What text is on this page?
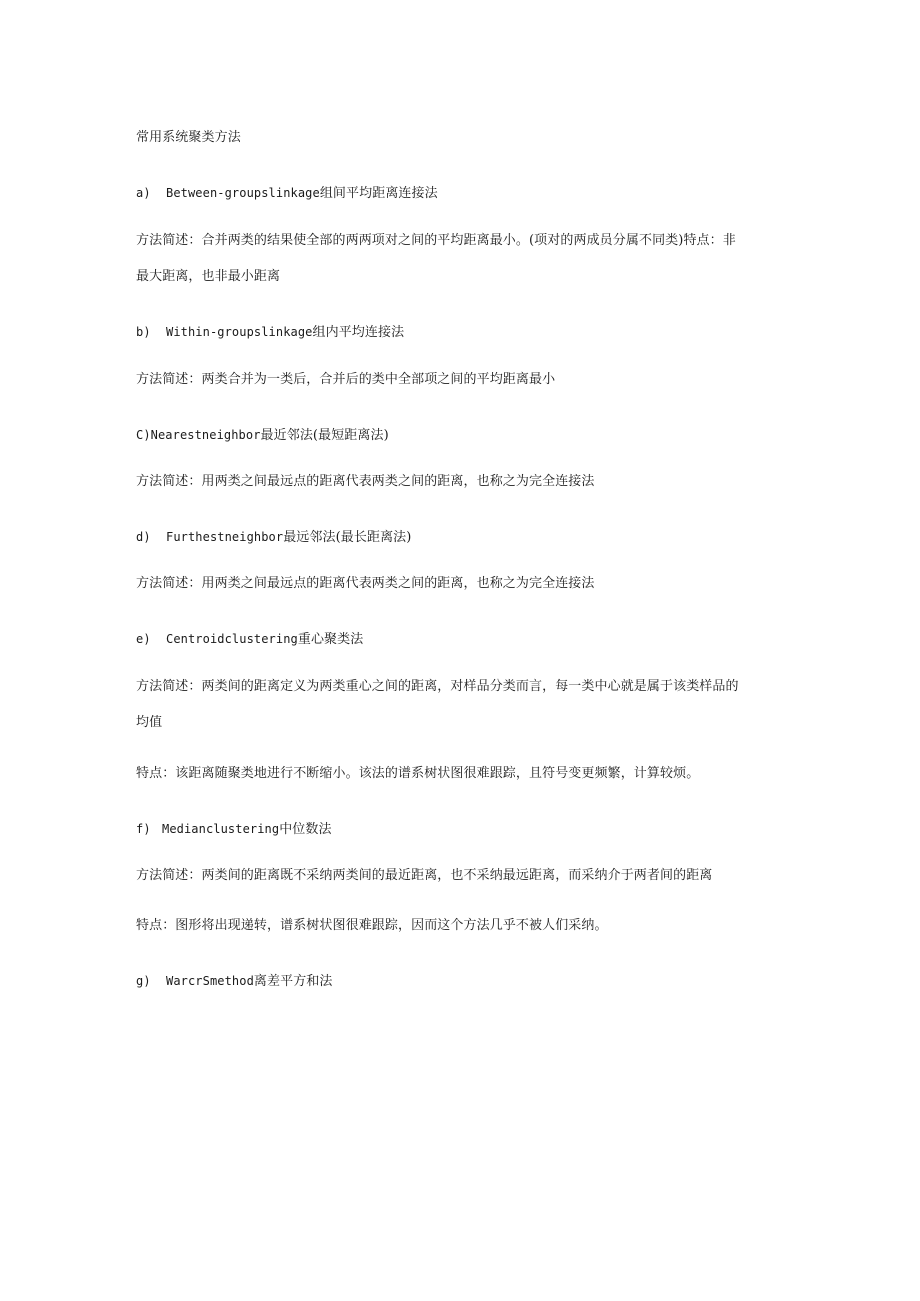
常用系统聚类方法
a) Between-groupslinkage组间平均距离连接法
方法简述：合并两类的结果使全部的两两项对之间的平均距离最小。(项对的两成员分属不同类)特点：非
最大距离，也非最小距离
b) Within-groupslinkage组内平均连接法
方法简述：两类合并为一类后，合并后的类中全部项之间的平均距离最小
C)Nearestneighbor最近邻法(最短距离法)
方法简述：用两类之间最远点的距离代表两类之间的距离，也称之为完全连接法
d) Furthestneighbor最远邻法(最长距离法)
方法简述：用两类之间最远点的距离代表两类之间的距离，也称之为完全连接法
e) Centroidclustering重心聚类法
方法简述：两类间的距离定义为两类重心之间的距离，对样品分类而言，每一类中心就是属于该类样品的
均值
特点：该距离随聚类地进行不断缩小。该法的谱系树状图很难跟踪，且符号变更频繁，计算较烦。
f) Medianclustering中位数法
方法简述：两类间的距离既不采纳两类间的最近距离，也不采纳最远距离，而采纳介于两者间的距离
特点：图形将出现递转，谱系树状图很难跟踪，因而这个方法几乎不被人们采纳。
g) WarcrSmethod离差平方和法
